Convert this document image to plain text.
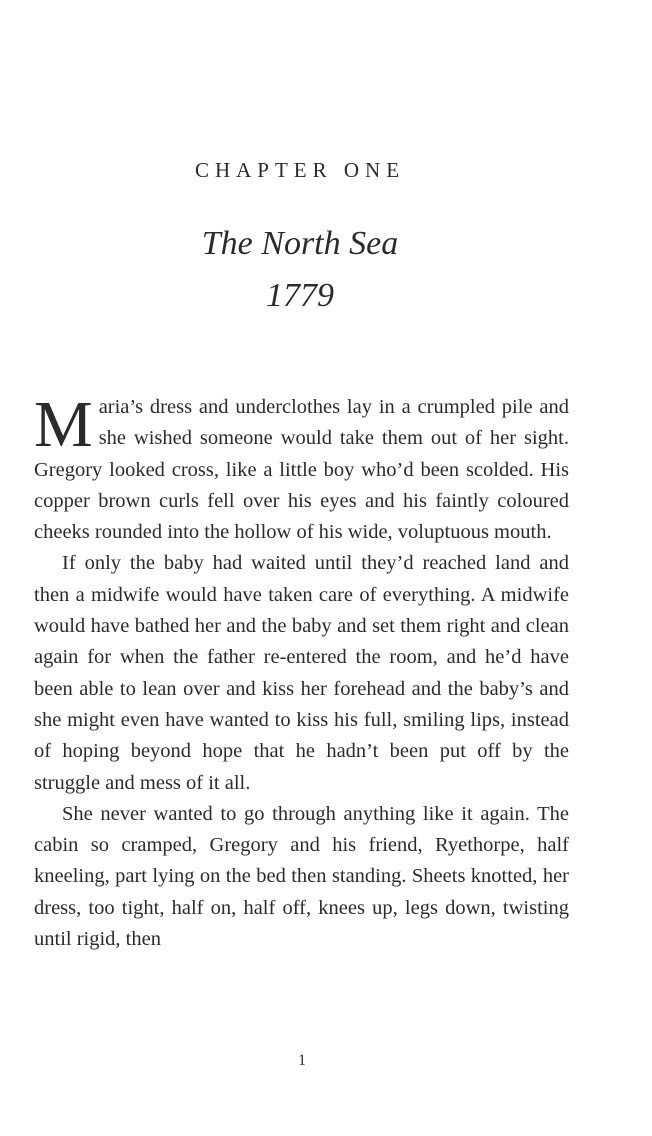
CHAPTER ONE
The North Sea
1779

Maria’s dress and underclothes lay in a crumpled pile and she wished someone would take them out of her sight. Gregory looked cross, like a little boy who’d been scolded. His copper brown curls fell over his eyes and his faintly coloured cheeks rounded into the hollow of his wide, voluptuous mouth.

If only the baby had waited until they’d reached land and then a midwife would have taken care of everything. A midwife would have bathed her and the baby and set them right and clean again for when the father re-entered the room, and he’d have been able to lean over and kiss her forehead and the baby’s and she might even have wanted to kiss his full, smiling lips, instead of hoping beyond hope that he hadn’t been put off by the struggle and mess of it all.

She never wanted to go through anything like it again. The cabin so cramped, Gregory and his friend, Ryethorpe, half kneeling, part lying on the bed then standing. Sheets knotted, her dress, too tight, half on, half off, knees up, legs down, twisting until rigid, then

1
